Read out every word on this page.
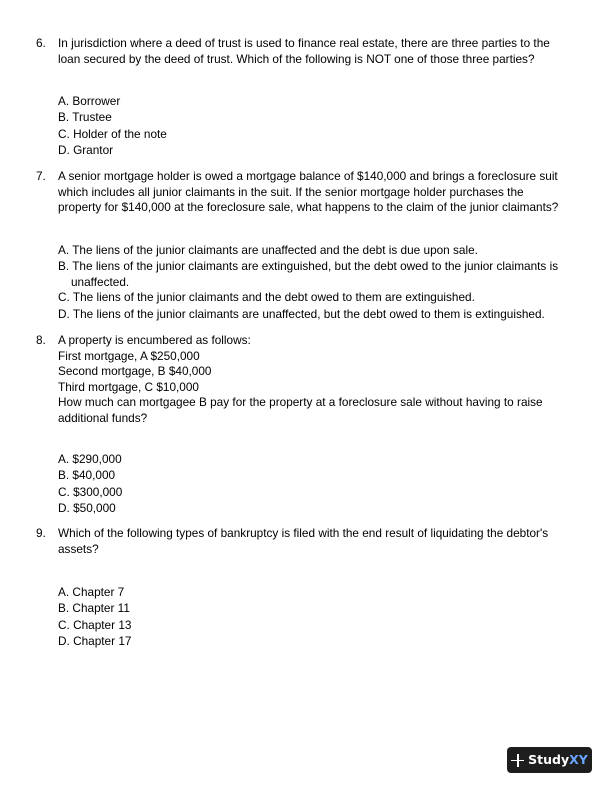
6.	In jurisdiction where a deed of trust is used to finance real estate, there are three parties to the
loan secured by the deed of trust. Which of the following is NOT one of those three parties?
A. Borrower
B. Trustee
C. Holder of the note
D. Grantor
7.	A senior mortgage holder is owed a mortgage balance of $140,000 and brings a foreclosure suit
which includes all junior claimants in the suit. If the senior mortgage holder purchases the
property for $140,000 at the foreclosure sale, what happens to the claim of the junior claimants?
A. The liens of the junior claimants are unaffected and the debt is due upon sale.
B. The liens of the junior claimants are extinguished, but the debt owed to the junior claimants is unaffected.
C. The liens of the junior claimants and the debt owed to them are extinguished.
D. The liens of the junior claimants are unaffected, but the debt owed to them is extinguished.
8.	A property is encumbered as follows:
First mortgage, A $250,000
Second mortgage, B $40,000
Third mortgage, C $10,000
How much can mortgagee B pay for the property at a foreclosure sale without having to raise
additional funds?
A. $290,000
B. $40,000
C. $300,000
D. $50,000
9.	Which of the following types of bankruptcy is filed with the end result of liquidating the debtor's
assets?
A. Chapter 7
B. Chapter 11
C. Chapter 13
D. Chapter 17
Study XY
